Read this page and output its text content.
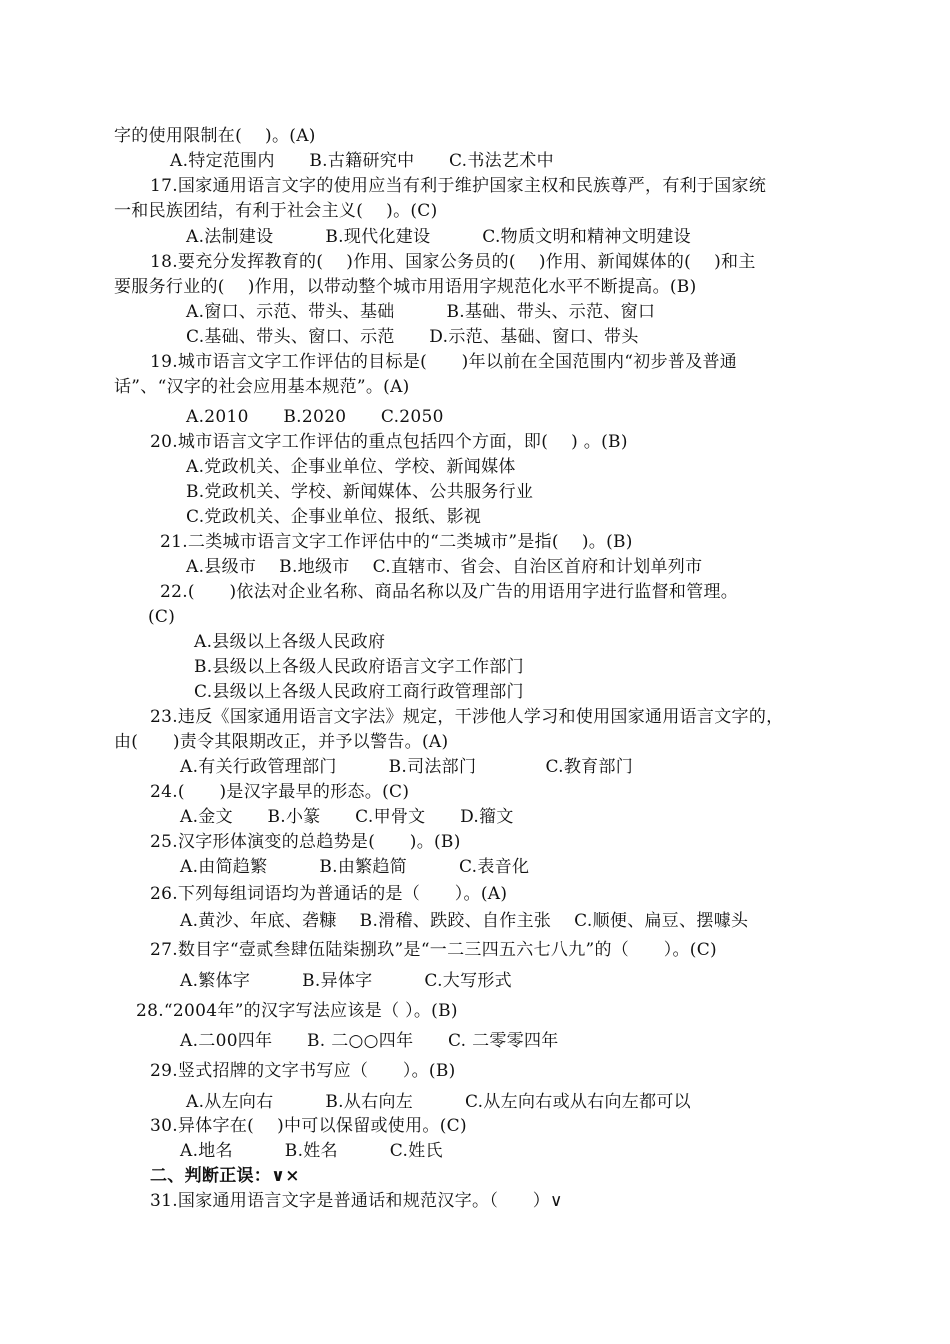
字的使用限制在(　 )。(A)
A.特定范围内　　B.古籍研究中　　C.书法艺术中
17.国家通用语言文字的使用应当有利于维护国家主权和民族尊严，有利于国家统
一和民族团结，有利于社会主义(　 )。(C)
A.法制建设　　　B.现代化建设　　　C.物质文明和精神文明建设
18.要充分发挥教育的(　 )作用、国家公务员的(　 )作用、新闻媒体的(　 )和主
要服务行业的(　 )作用，以带动整个城市用语用字规范化水平不断提高。(B)
A.窗口、示范、带头、基础　　　B.基础、带头、示范、窗口
C.基础、带头、窗口、示范　　D.示范、基础、窗口、带头
19.城市语言文字工作评估的目标是(　　)年以前在全国范围内“初步普及普通
话”、“汉字的社会应用基本规范”。(A)
A.2010　　B.2020　　C.2050
20.城市语言文字工作评估的重点包括四个方面，即(　 ) 。(B)
A.党政机关、企事业单位、学校、新闻媒体
B.党政机关、学校、新闻媒体、公共服务行业
C.党政机关、企事业单位、报纸、影视
21.二类城市语言文字工作评估中的“二类城市”是指(　 )。(B)
A.县级市　 B.地级市　 C.直辖市、省会、自治区首府和计划单列市
22.(　　)依法对企业名称、商品名称以及广告的用语用字进行监督和管理。
(C)
A.县级以上各级人民政府
B.县级以上各级人民政府语言文字工作部门
C.县级以上各级人民政府工商行政管理部门
23.违反《国家通用语言文字法》规定，干涉他人学习和使用国家通用语言文字的，
由(　　)责令其限期改正，并予以警告。(A)
A.有关行政管理部门　　　B.司法部门　　　　C.教育部门
24.(　　)是汉字最早的形态。(C)
A.金文　　B.小篆　　C.甲骨文　　D.籀文
25.汉字形体演变的总趋势是(　　)。(B)
A.由简趋繁　　　B.由繁趋简　　　C.表音化
26.下列每组词语均为普通话的是（　　）。(A)
A.黄沙、年底、砻糠　 B.滑稽、跌跤、自作主张　 C.顺便、扁豆、摆噱头
27.数目字“壹贰叁肆伍陆柒捌玖”是“一二三四五六七八九”的（　　）。(C)
A.繁体字　　　B.异体字　　　C.大写形式
28.“2004年”的汉字写法应该是（ ）。(B)
A.二00四年　　B. 二○○四年　　C. 二零零四年
29.竖式招牌的文字书写应（　　）。(B)
A.从左向右　　　B.从右向左　　　C.从左向右或从右向左都可以
30.异体字在(　 )中可以保留或使用。(C)
A.地名　　　B.姓名　　　C.姓氏
二、判断正误：∨×
31.国家通用语言文字是普通话和规范汉字。（　　）∨
